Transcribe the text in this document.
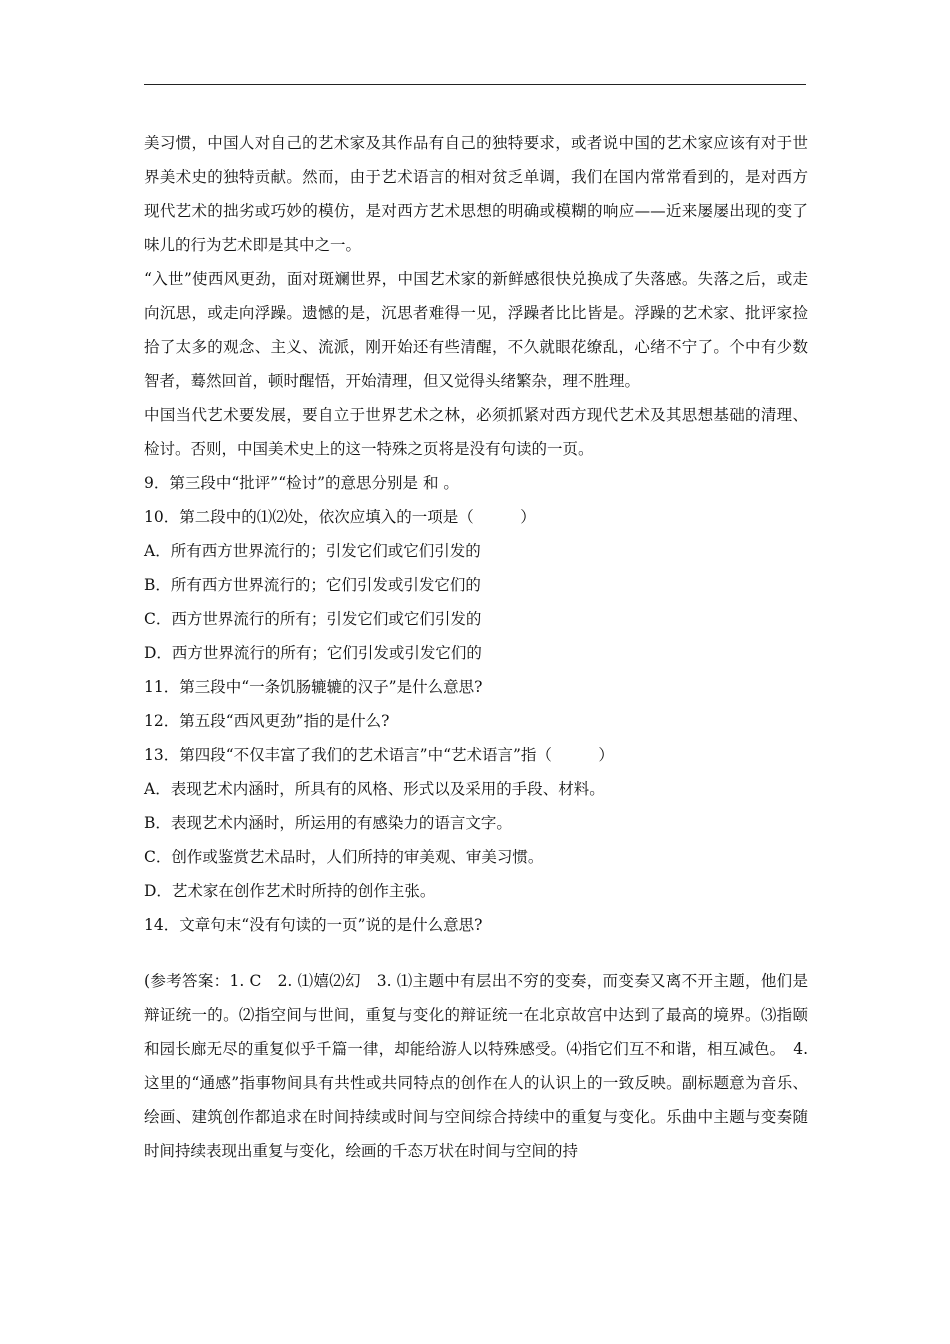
美习惯，中国人对自己的艺术家及其作品有自己的独特要求，或者说中国的艺术家应该有对于世界美术史的独特贡献。然而，由于艺术语言的相对贫乏单调，我们在国内常常看到的，是对西方现代艺术的拙劣或巧妙的模仿，是对西方艺术思想的明确或模糊的响应——近来屡屡出现的变了味儿的行为艺术即是其中之一。

“入世”使西风更劲，面对斑斓世界，中国艺术家的新鲜感很快兑换成了失落感。失落之后，或走向沉思，或走向浮躁。遗憾的是，沉思者难得一见，浮躁者比比皆是。浮躁的艺术家、批评家捡拾了太多的观念、主义、流派，刚开始还有些清醒，不久就眼花缭乱，心绪不宁了。个中有少数智者，蓦然回首，顿时醒悟，开始清理，但又觉得头绪繁杂，理不胜理。

中国当代艺术要发展，要自立于世界艺术之林，必须抓紧对西方现代艺术及其思想基础的清理、检讨。否则，中国美术史上的这一特殊之页将是没有句读的一页。

9．第三段中“批评”“检讨”的意思分别是 和 。

10．第二段中的⑴⑵处，依次应填入的一项是（　　　）

A．所有西方世界流行的；引发它们或它们引发的

B．所有西方世界流行的；它们引发或引发它们的

C．西方世界流行的所有；引发它们或它们引发的

D．西方世界流行的所有；它们引发或引发它们的

11．第三段中“一条饥肠辘辘的汉子”是什么意思?

12．第五段“西风更劲”指的是什么?

13．第四段“不仅丰富了我们的艺术语言”中“艺术语言”指（　　　）

A．表现艺术内涵时，所具有的风格、形式以及采用的手段、材料。

B．表现艺术内涵时，所运用的有感染力的语言文字。

C．创作或鉴赏艺术品时，人们所持的审美观、审美习惯。

D．艺术家在创作艺术时所持的创作主张。

14．文章句末“没有句读的一页”说的是什么意思?

(参考答案：1. C　2. ⑴嬉⑵幻　3. ⑴主题中有层出不穷的变奏，而变奏又离不开主题，他们是辩证统一的。⑵指空间与世间，重复与变化的辩证统一在北京故宫中达到了最高的境界。⑶指颐和园长廊无尽的重复似乎千篇一律，却能给游人以特殊感受。⑷指它们互不和谐，相互减色。　4. 这里的“通感”指事物间具有共性或共同特点的创作在人的认识上的一致反映。副标题意为音乐、绘画、建筑创作都追求在时间持续或时间与空间综合持续中的重复与变化。乐曲中主题与变奏随时间持续表现出重复与变化，绘画的千态万状在时间与空间的持
